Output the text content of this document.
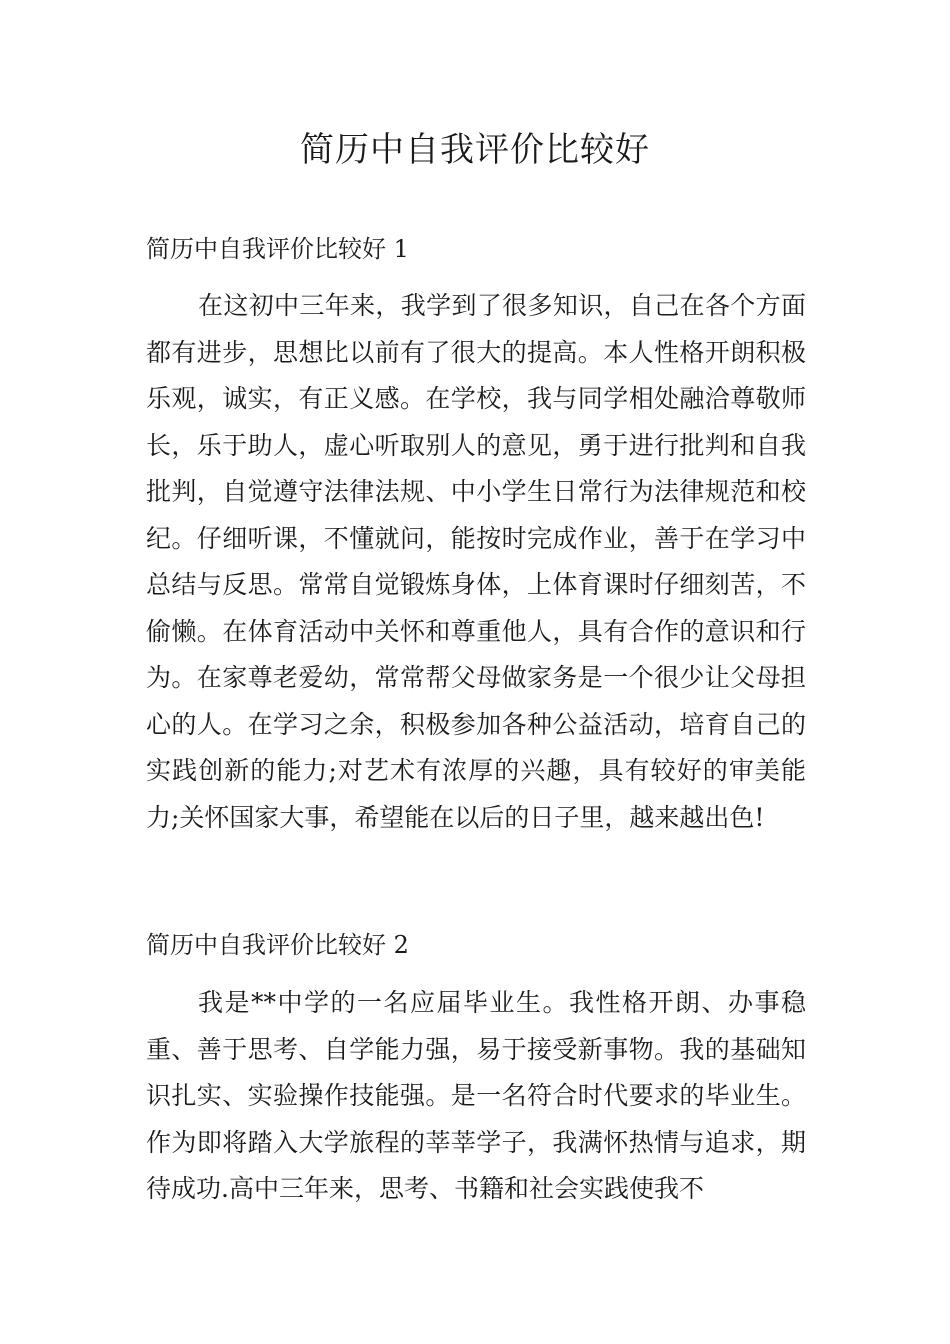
简历中自我评价比较好
简历中自我评价比较好 1

在这初中三年来，我学到了很多知识，自己在各个方面都有进步，思想比以前有了很大的提高。本人性格开朗积极乐观，诚实，有正义感。在学校，我与同学相处融洽尊敬师长，乐于助人，虚心听取别人的意见，勇于进行批判和自我批判，自觉遵守法律法规、中小学生日常行为法律规范和校纪。仔细听课，不懂就问，能按时完成作业，善于在学习中总结与反思。常常自觉锻炼身体，上体育课时仔细刻苦，不偷懒。在体育活动中关怀和尊重他人，具有合作的意识和行为。在家尊老爱幼，常常帮父母做家务是一个很少让父母担心的人。在学习之余，积极参加各种公益活动，培育自己的实践创新的能力;对艺术有浓厚的兴趣，具有较好的审美能力;关怀国家大事，希望能在以后的日子里，越来越出色!

简历中自我评价比较好 2

我是**中学的一名应届毕业生。我性格开朗、办事稳重、善于思考、自学能力强，易于接受新事物。我的基础知识扎实、实验操作技能强。是一名符合时代要求的毕业生。 作为即将踏入大学旅程的莘莘学子，我满怀热情与追求，期待成功.高中三年来，思考、书籍和社会实践使我不
